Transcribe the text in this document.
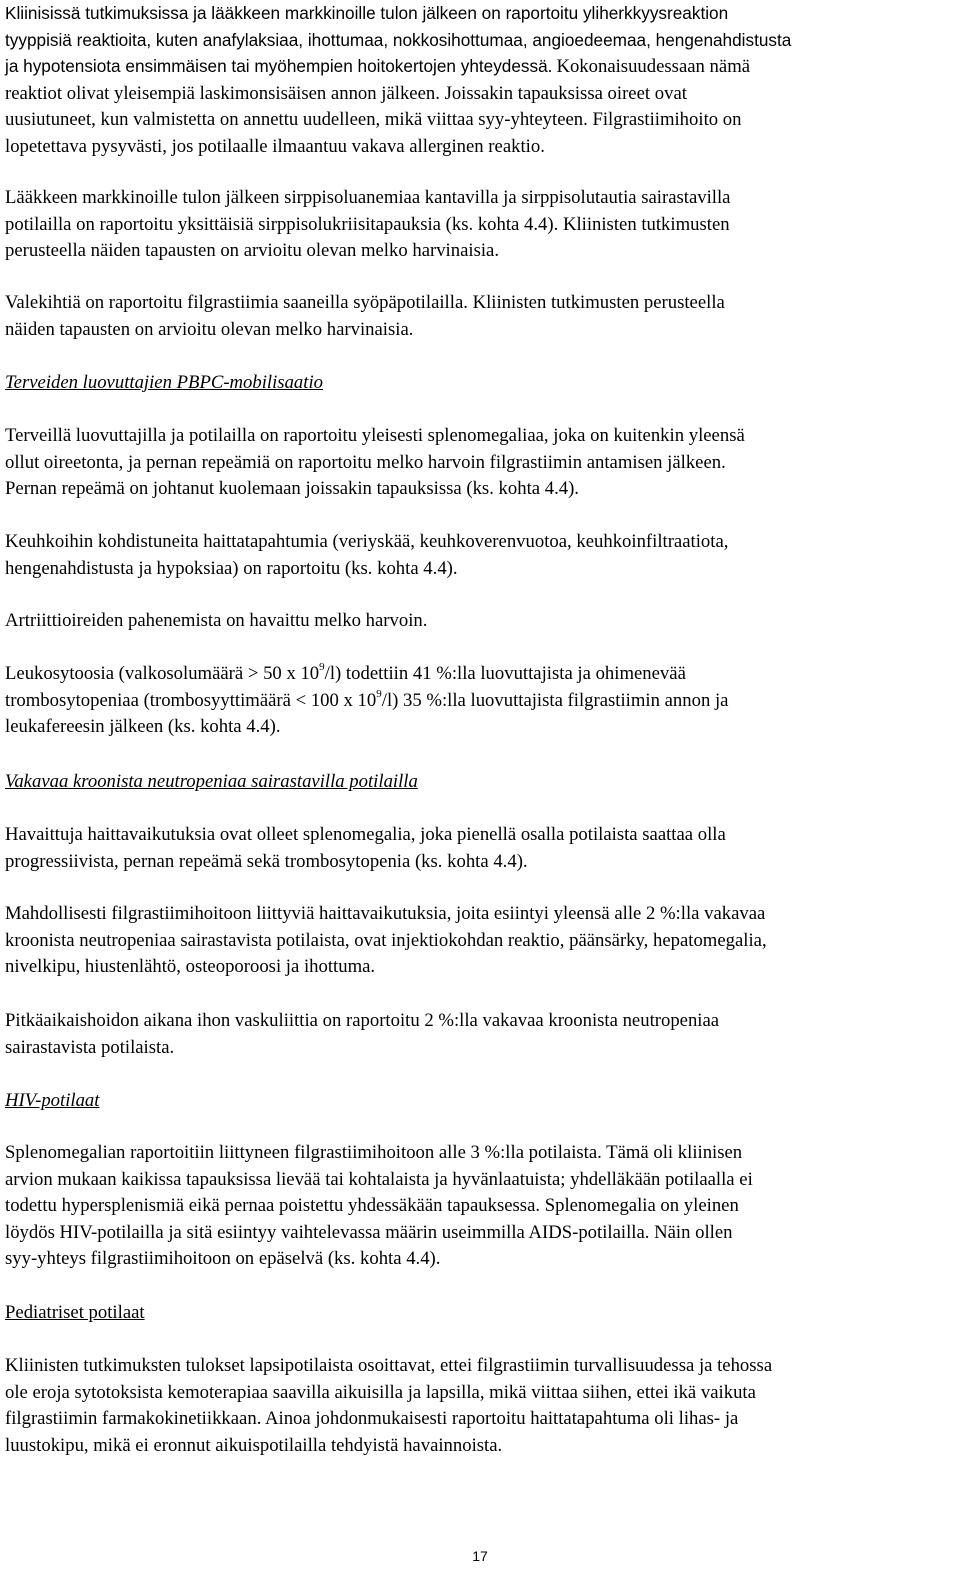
Kliinisissä tutkimuksissa ja lääkkeen markkinoille tulon jälkeen on raportoitu yliherkkyysreaktion
tyyppisiä reaktioita, kuten anafylaksiaa, ihottumaa, nokkosihottumaa, angioedeemaa, hengenahdistusta
ja hypotensiota ensimmäisen tai myöhempien hoitokertojen yhteydessä. Kokonaisuudessaan nämä
reaktiot olivat yleisempiä laskimonsisäisen annon jälkeen. Joissakin tapauksissa oireet ovat
uusiutuneet, kun valmistetta on annettu uudelleen, mikä viittaa syy-yhteyteen. Filgrastiimihoito on
lopetettava pysyvästi, jos potilaalle ilmaantuu vakava allerginen reaktio.
Lääkkeen markkinoille tulon jälkeen sirppisoluanemiaa kantavilla ja sirppisolutautia sairastavilla
potilailla on raportoitu yksittäisiä sirppisolukriisitapauksia (ks. kohta 4.4). Kliinisten tutkimusten
perusteella näiden tapausten on arvioitu olevan melko harvinaisia.
Valekihtiä on raportoitu filgrastiimia saaneilla syöpäpotilailla. Kliinisten tutkimusten perusteella
näiden tapausten on arvioitu olevan melko harvinaisia.
Terveiden luovuttajien PBPC-mobilisaatio
Terveillä luovuttajilla ja potilailla on raportoitu yleisesti splenomegaliaa, joka on kuitenkin yleensä
ollut oireetonta, ja pernan repeämiä on raportoitu melko harvoin filgrastiimin antamisen jälkeen.
Pernan repeämä on johtanut kuolemaan joissakin tapauksissa (ks. kohta 4.4).
Keuhkoihin kohdistuneita haittatapahtumia (veriyskää, keuhkoverenvuotoa, keuhkoinfiltraatiota,
hengenahdistusta ja hypoksiaa) on raportoitu (ks. kohta 4.4).
Artriittioireiden pahenemista on havaittu melko harvoin.
Leukosytoosia (valkosolumäärä > 50 x $10^9/l$) todettiin 41 %:lla luovuttajista ja ohimenevää
trombosytopeniaa (trombosyyttimäärä < 100 x $10^9/l$) 35 %:lla luovuttajista filgrastiimin annon ja
leukafereesin jälkeen (ks. kohta 4.4).
Vakavaa kroonista neutropeniaa sairastavilla potilailla
Havaittuja haittavaikutuksia ovat olleet splenomegalia, joka pienellä osalla potilaista saattaa olla
progressiivista, pernan repeämä sekä trombosytopenia (ks. kohta 4.4).
Mahdollisesti filgrastiimihoitoon liittyviä haittavaikutuksia, joita esiintyi yleensä alle 2 %:lla vakavaa
kroonista neutropeniaa sairastavista potilaista, ovat injektiokohdan reaktio, päänsärky, hepatomegalia,
nivelkipu, hiustenlähtö, osteoporoosi ja ihottuma.
Pitkäaikaishoidon aikana ihon vaskuliittia on raportoitu 2 %:lla vakavaa kroonista neutropeniaa
sairastavista potilaista.
HIV-potilaat
Splenomegalian raportoitiin liittyneen filgrastiimihoitoon alle 3 %:lla potilaista. Tämä oli kliinisen
arvion mukaan kaikissa tapauksissa lievää tai kohtalaista ja hyvänlaatuista; yhdelläkään potilaalla ei
todettu hypersplenismiä eikä pernaa poistettu yhdessäkään tapauksessa. Splenomegalia on yleinen
löydös HIV-potilailla ja sitä esiintyy vaihtelevassa määrin useimmilla AIDS-potilailla. Näin ollen
syy-yhteys filgrastiimihoitoon on epäselvä (ks. kohta 4.4).
Pediatriset potilaat
Kliinisten tutkimuksten tulokset lapsipotilaista osoittavat, ettei filgrastiimin turvallisuudessa ja tehossa
ole eroja sytotoksista kemoterapiaa saavilla aikuisilla ja lapsilla, mikä viittaa siihen, ettei ikä vaikuta
filgrastiimin farmakokinetiikkaan. Ainoa johdonmukaisesti raportoitu haittatapahtuma oli lihas- ja
luustokipu, mikä ei eronnut aikuispotilailla tehdyistä havainnoista.
17
